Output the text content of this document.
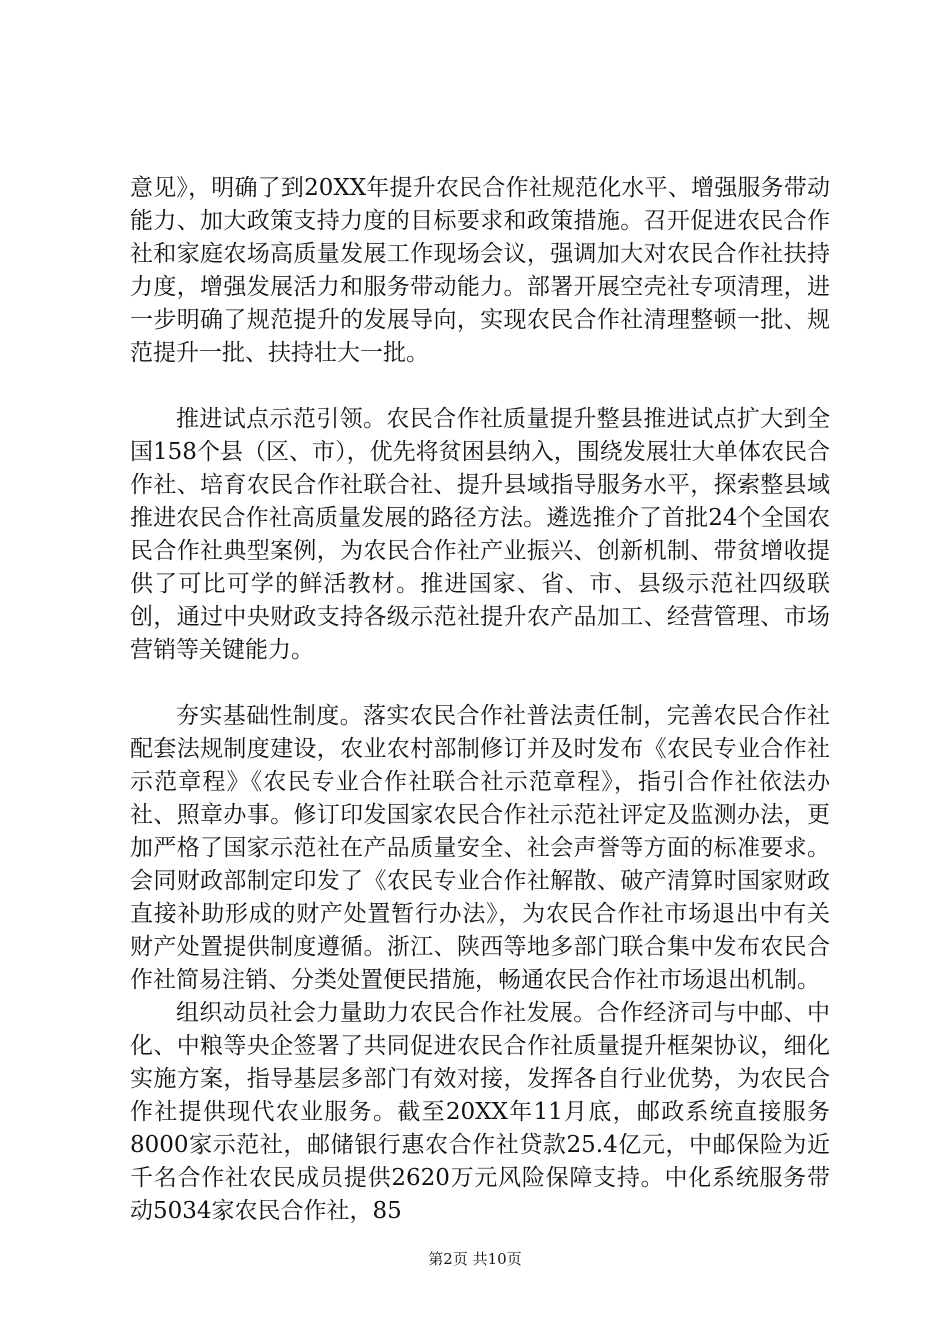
意见》，明确了到20XX年提升农民合作社规范化水平、增强服务带动能力、加大政策支持力度的目标要求和政策措施。召开促进农民合作社和家庭农场高质量发展工作现场会议，强调加大对农民合作社扶持力度，增强发展活力和服务带动能力。部署开展空壳社专项清理，进一步明确了规范提升的发展导向，实现农民合作社清理整顿一批、规范提升一批、扶持壮大一批。

推进试点示范引领。农民合作社质量提升整县推进试点扩大到全国158个县（区、市），优先将贫困县纳入，围绕发展壮大单体农民合作社、培育农民合作社联合社、提升县域指导服务水平，探索整县域推进农民合作社高质量发展的路径方法。遴选推介了首批24个全国农民合作社典型案例，为农民合作社产业振兴、创新机制、带贫增收提供了可比可学的鲜活教材。推进国家、省、市、县级示范社四级联创，通过中央财政支持各级示范社提升农产品加工、经营管理、市场营销等关键能力。

夯实基础性制度。落实农民合作社普法责任制，完善农民合作社配套法规制度建设，农业农村部制修订并及时发布《农民专业合作社示范章程》《农民专业合作社联合社示范章程》，指引合作社依法办社、照章办事。修订印发国家农民合作社示范社评定及监测办法，更加严格了国家示范社在产品质量安全、社会声誉等方面的标准要求。会同财政部制定印发了《农民专业合作社解散、破产清算时国家财政直接补助形成的财产处置暂行办法》，为农民合作社市场退出中有关财产处置提供制度遵循。浙江、陕西等地多部门联合集中发布农民合作社简易注销、分类处置便民措施，畅通农民合作社市场退出机制。

组织动员社会力量助力农民合作社发展。合作经济司与中邮、中化、中粮等央企签署了共同促进农民合作社质量提升框架协议，细化实施方案，指导基层多部门有效对接，发挥各自行业优势，为农民合作社提供现代农业服务。截至20XX年11月底，邮政系统直接服务8000家示范社，邮储银行惠农合作社贷款25.4亿元，中邮保险为近千名合作社农民成员提供2620万元风险保障支持。中化系统服务带动5034家农民合作社，85

第2页 共10页
